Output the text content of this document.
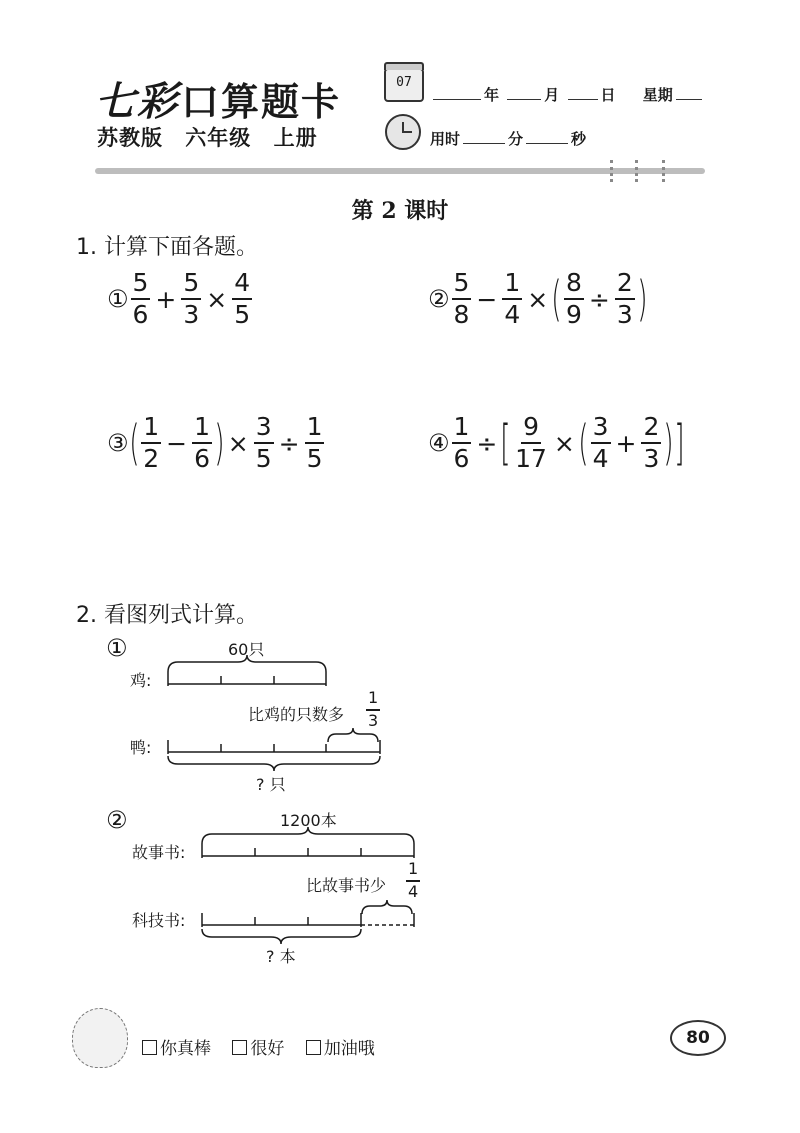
七彩口算题卡
苏教版 六年级 上册
07
年	月	日 星期
用时	分	秒
第 2 课时
1. 计算下面各题。
① $\frac{5}{6} + \frac{5}{3} \times \frac{4}{5}$	② $\frac{5}{8} - \frac{1}{4}$ × ( $\frac{8}{9} \div \frac{2}{3}$ )
③ ( $\frac{1}{2} - \frac{1}{6}$ ) × $\frac{3}{5} \div \frac{1}{5}$	④ $\frac{1}{6}$ ÷ [ $\frac{9}{17}$ × ( $\frac{3}{4} + \frac{2}{3}$ ) ]
2. 看图列式计算。
①	60只
鸡:
比鸡的只数多 $\frac{1}{3}$
鸭:
? 只
②	1200本
故事书:
比故事书少 $\frac{1}{4}$
科技书:
? 本
你真棒 很好 加油哦
80
